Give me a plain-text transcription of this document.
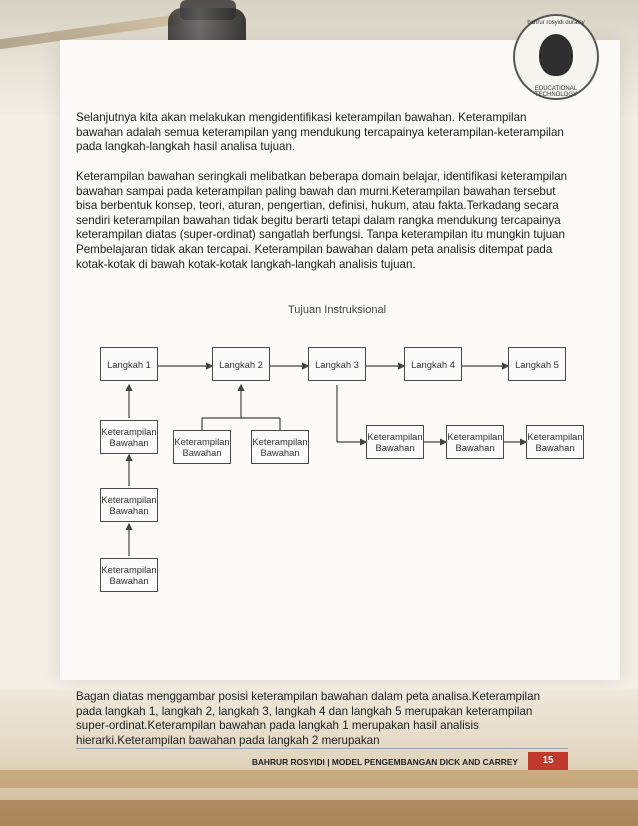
bahrur rosyidi duraisy
EDUCATIONAL TECHNOLOGY

Selanjutnya kita akan melakukan mengidentifikasi keterampilan bawahan. Keterampilan bawahan adalah semua keterampilan yang mendukung tercapainya keterampilan-keterampilan pada langkah-langkah hasil analisa tujuan.

Keterampilan bawahan seringkali melibatkan beberapa domain belajar, identifikasi keterampilan bawahan sampai pada keterampilan paling bawah dan murni.Keterampilan bawahan tersebut bisa berbentuk konsep, teori, aturan, pengertian, definisi, hukum, atau fakta.Terkadang secara sendiri keterampilan bawahan tidak begitu berarti tetapi dalam rangka mendukung tercapainya keterampilan diatas (super-ordinat) sangatlah berfungsi. Tanpa keterampilan itu mungkin tujuan Pembelajaran tidak akan tercapai. Keterampilan bawahan dalam peta analisis ditempat pada kotak-kotak di bawah kotak-kotak langkah-langkah analisis tujuan.

Tujuan Instruksional
Langkah 1	Langkah 2	Langkah 3	Langkah 4	Langkah 5
Keterampilan Bawahan
Keterampilan Bawahan
Keterampilan Bawahan
Keterampilan Bawahan
Keterampilan Bawahan
Keterampilan Bawahan
Keterampilan Bawahan
Keterampilan Bawahan

Bagan diatas menggambar posisi keterampilan bawahan dalam peta analisa.Keterampilan pada langkah 1, langkah 2, langkah 3, langkah 4 dan langkah 5 merupakan keterampilan super-ordinat.Keterampilan bawahan pada langkah 1 merupakan hasil analisis hierarki.Keterampilan bawahan pada langkah 2 merupakan

BAHRUR ROSYIDI | MODEL PENGEMBANGAN DICK AND CARREY	15
